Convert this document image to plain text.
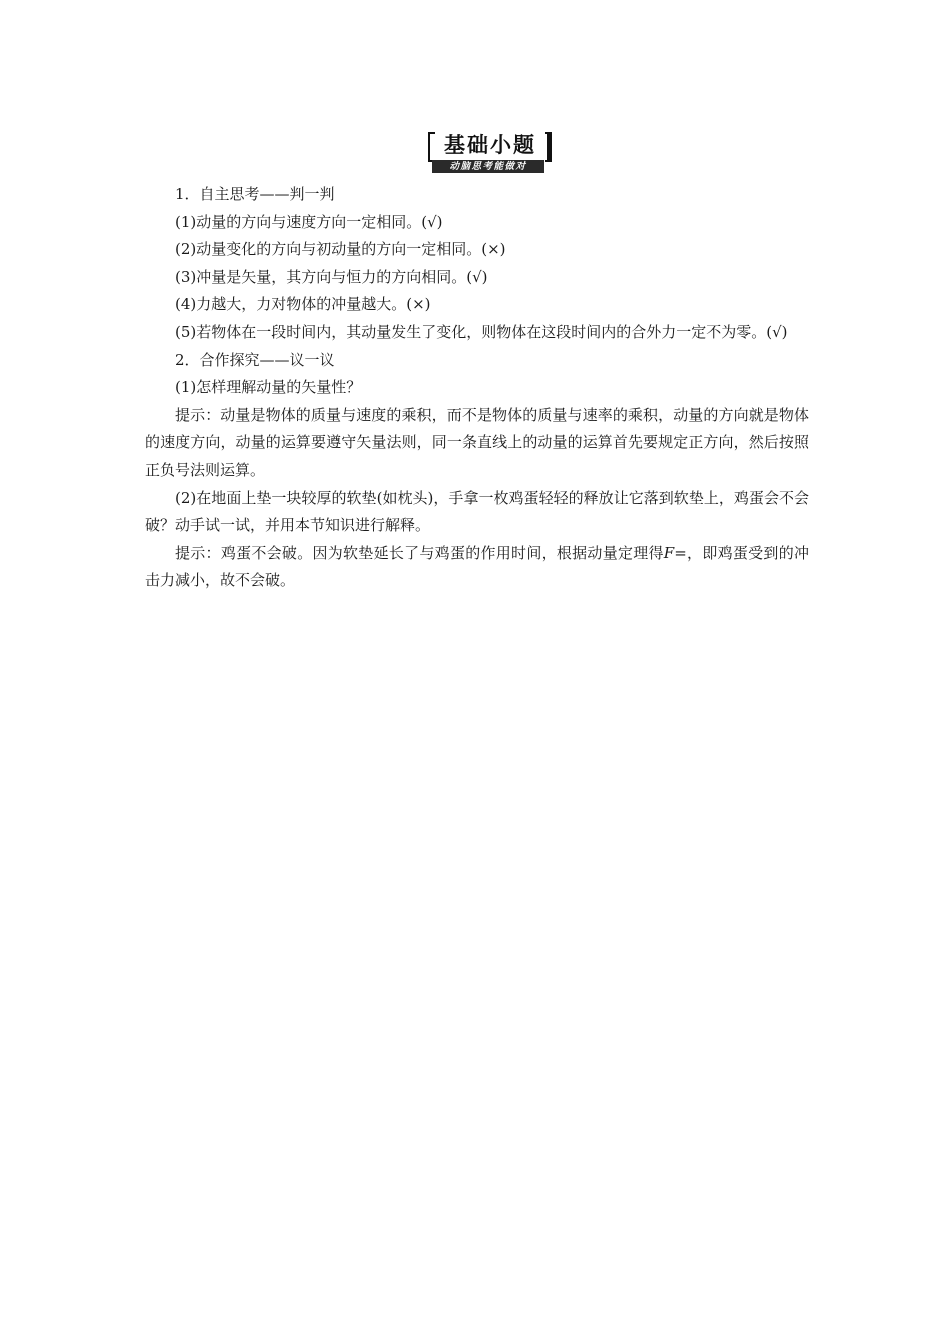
基础小题
动脑思考能做对

1．自主思考——判一判

(1)动量的方向与速度方向一定相同。(√)

(2)动量变化的方向与初动量的方向一定相同。(×)

(3)冲量是矢量，其方向与恒力的方向相同。(√)

(4)力越大，力对物体的冲量越大。(×)

(5)若物体在一段时间内，其动量发生了变化，则物体在这段时间内的合外力一定不为零。(√)

2．合作探究——议一议

(1)怎样理解动量的矢量性？

提示：动量是物体的质量与速度的乘积，而不是物体的质量与速率的乘积，动量的方向就是物体的速度方向，动量的运算要遵守矢量法则，同一条直线上的动量的运算首先要规定正方向，然后按照正负号法则运算。

(2)在地面上垫一块较厚的软垫(如枕头)，手拿一枚鸡蛋轻轻的释放让它落到软垫上，鸡蛋会不会破？动手试一试，并用本节知识进行解释。

提示：鸡蛋不会破。因为软垫延长了与鸡蛋的作用时间，根据动量定理得F=，即鸡蛋受到的冲击力减小，故不会破。
